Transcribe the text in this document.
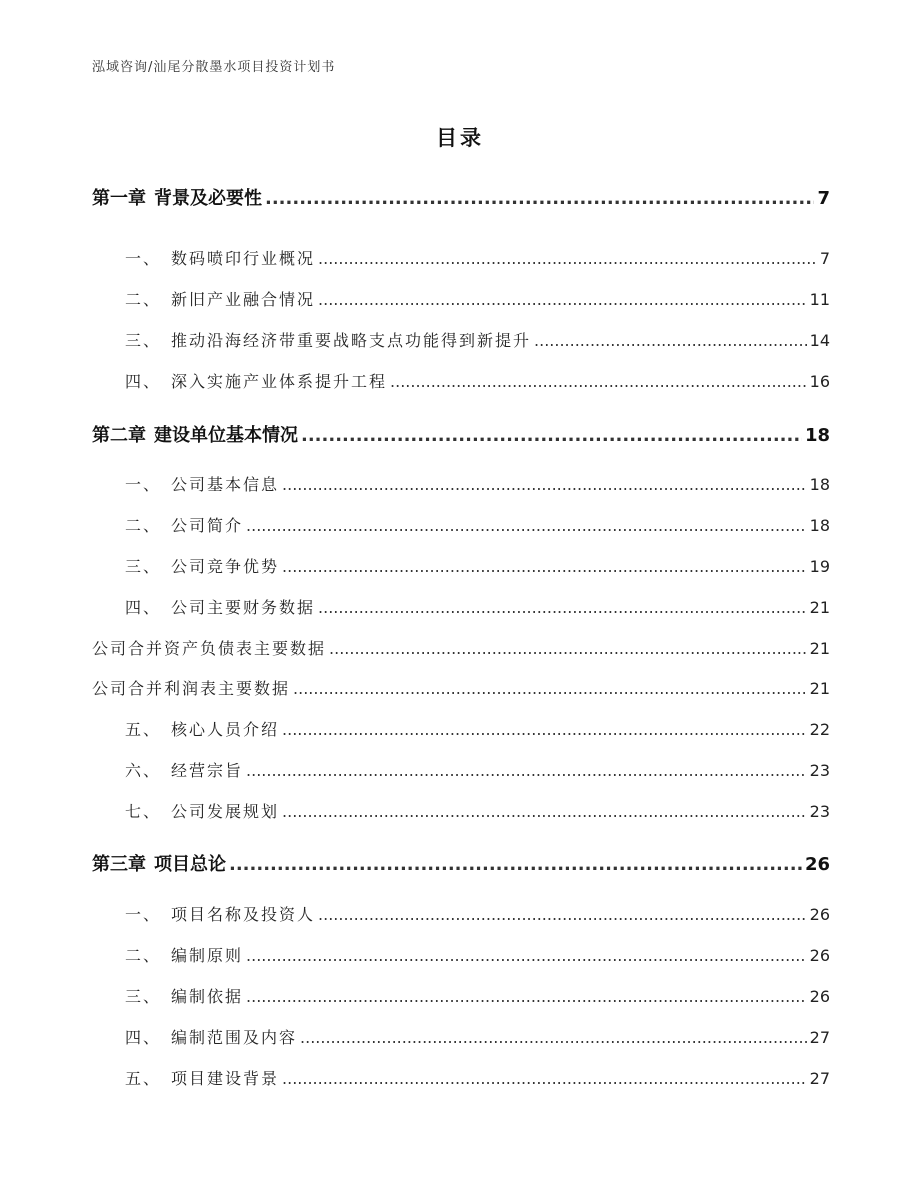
泓域咨询/汕尾分散墨水项目投资计划书
目录
第一章 背景及必要性 .....	7
一、 数码喷印行业概况 .....	7
二、 新旧产业融合情况 .....	11
三、 推动沿海经济带重要战略支点功能得到新提升 .....	14
四、 深入实施产业体系提升工程 .....	16
第二章 建设单位基本情况 .....	18
一、 公司基本信息 .....	18
二、 公司简介 .....	18
三、 公司竞争优势 .....	19
四、 公司主要财务数据 .....	21
公司合并资产负债表主要数据 .....	21
公司合并利润表主要数据 .....	21
五、 核心人员介绍 .....	22
六、 经营宗旨 .....	23
七、 公司发展规划 .....	23
第三章 项目总论 .....	26
一、 项目名称及投资人 .....	26
二、 编制原则 .....	26
三、 编制依据 .....	26
四、 编制范围及内容 .....	27
五、 项目建设背景 .....	27
